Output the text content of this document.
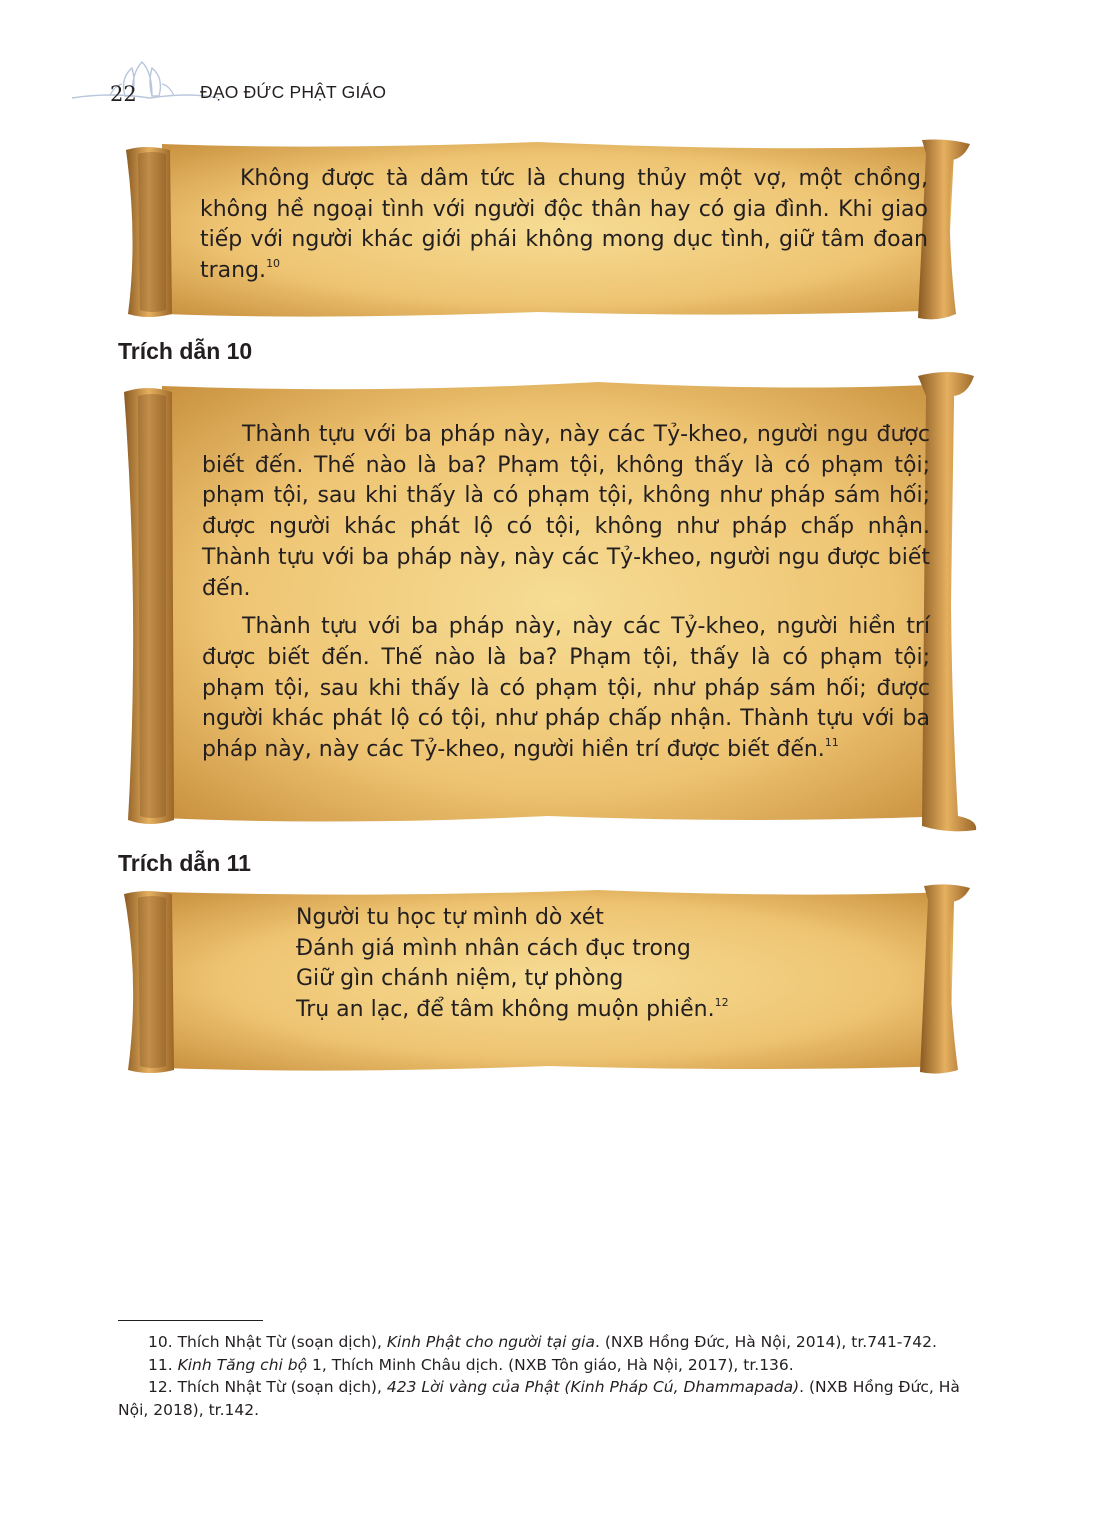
22	ĐẠO ĐỨC PHẬT GIÁO

Không được tà dâm tức là chung thủy một vợ, một chồng, không hề ngoại tình với người độc thân hay có gia đình. Khi giao tiếp với người khác giới phái không mong dục tình, giữ tâm đoan trang.$^{10}$

Trích dẫn 10

Thành tựu với ba pháp này, này các Tỷ-kheo, người ngu được biết đến. Thế nào là ba? Phạm tội, không thấy là có phạm tội; phạm tội, sau khi thấy là có phạm tội, không như pháp sám hối; được người khác phát lộ có tội, không như pháp chấp nhận. Thành tựu với ba pháp này, này các Tỷ-kheo, người ngu được biết đến.

Thành tựu với ba pháp này, này các Tỷ-kheo, người hiền trí được biết đến. Thế nào là ba? Phạm tội, thấy là có phạm tội; phạm tội, sau khi thấy là có phạm tội, như pháp sám hối; được người khác phát lộ có tội, như pháp chấp nhận. Thành tựu với ba pháp này, này các Tỷ-kheo, người hiền trí được biết đến.$^{11}$

Trích dẫn 11
Người tu học tự mình dò xét
Đánh giá mình nhân cách đục trong
Giữ gìn chánh niệm, tự phòng
Trụ an lạc, để tâm không muộn phiền.$^{12}$

10. Thích Nhật Từ (soạn dịch), Kinh Phật cho người tại gia. (NXB Hồng Đức, Hà Nội, 2014), tr.741-742.

11. Kinh Tăng chi bộ 1, Thích Minh Châu dịch. (NXB Tôn giáo, Hà Nội, 2017), tr.136.

12. Thích Nhật Từ (soạn dịch), 423 Lời vàng của Phật (Kinh Pháp Cú, Dhammapada). (NXB Hồng Đức, Hà Nội, 2018), tr.142.
